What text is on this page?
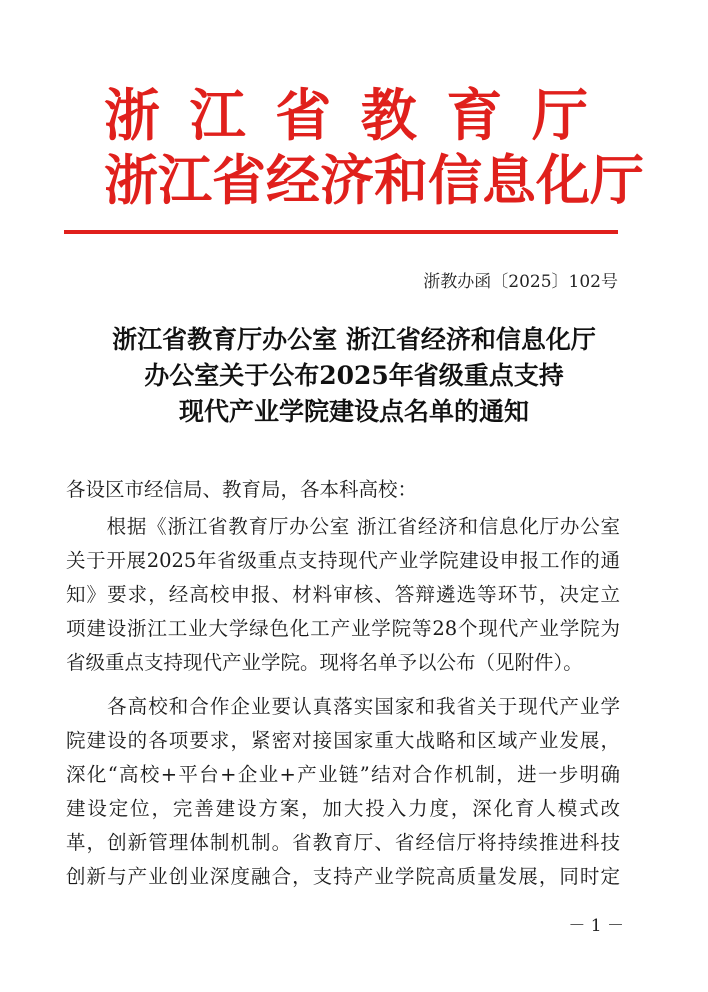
浙 江 省 教 育 厅
浙江省经济和信息化厅
浙教办函〔2025〕102号
浙江省教育厅办公室 浙江省经济和信息化厅
办公室关于公布2025年省级重点支持
现代产业学院建设点名单的通知
各设区市经信局、教育局，各本科高校：
　　根据《浙江省教育厅办公室 浙江省经济和信息化厅办公室
关于开展2025年省级重点支持现代产业学院建设申报工作的通
知》要求，经高校申报、材料审核、答辩遴选等环节，决定立
项建设浙江工业大学绿色化工产业学院等28个现代产业学院为
省级重点支持现代产业学院。现将名单予以公布（见附件）。
　　各高校和合作企业要认真落实国家和我省关于现代产业学
院建设的各项要求，紧密对接国家重大战略和区域产业发展，
深化“高校+平台+企业+产业链”结对合作机制，进一步明确
建设定位，完善建设方案，加大投入力度，深化育人模式改
革，创新管理体制机制。省教育厅、省经信厅将持续推进科技
创新与产业创业深度融合，支持产业学院高质量发展，同时定
－ 1 －
